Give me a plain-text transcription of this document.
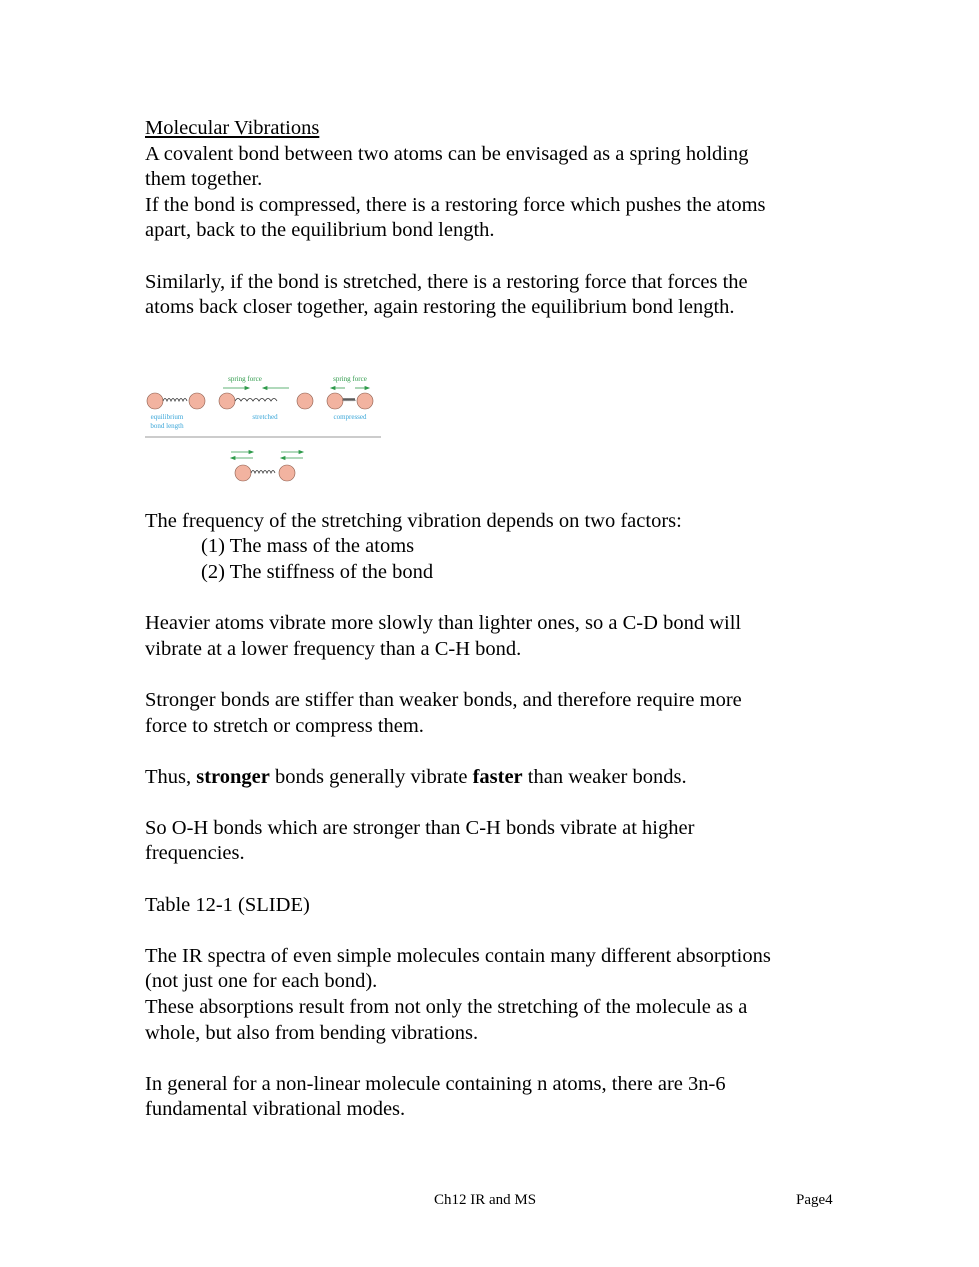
Molecular Vibrations

A covalent bond between two atoms can be envisaged as a spring holding

them together.

If the bond is compressed, there is a restoring force which pushes the atoms

apart, back to the equilibrium bond length.

Similarly, if the bond is stretched, there is a restoring force that forces the

atoms back closer together, again restoring the equilibrium bond length.

spring force	spring force
equilibrium
bond length
stretched	compressed

The frequency of the stretching vibration depends on two factors:

(1) The mass of the atoms

(2) The stiffness of the bond

Heavier atoms vibrate more slowly than lighter ones, so a C-D bond will

vibrate at a lower frequency than a C-H bond.

Stronger bonds are stiffer than weaker bonds, and therefore require more

force to stretch or compress them.

Thus, stronger bonds generally vibrate faster than weaker bonds.

So O-H bonds which are stronger than C-H bonds vibrate at higher

frequencies.

Table 12-1 (SLIDE)

The IR spectra of even simple molecules contain many different absorptions

(not just one for each bond).

These absorptions result from not only the stretching of the molecule as a

whole, but also from bending vibrations.

In general for a non-linear molecule containing n atoms, there are 3n-6

fundamental vibrational modes.

Ch12 IR and MS	Page4
